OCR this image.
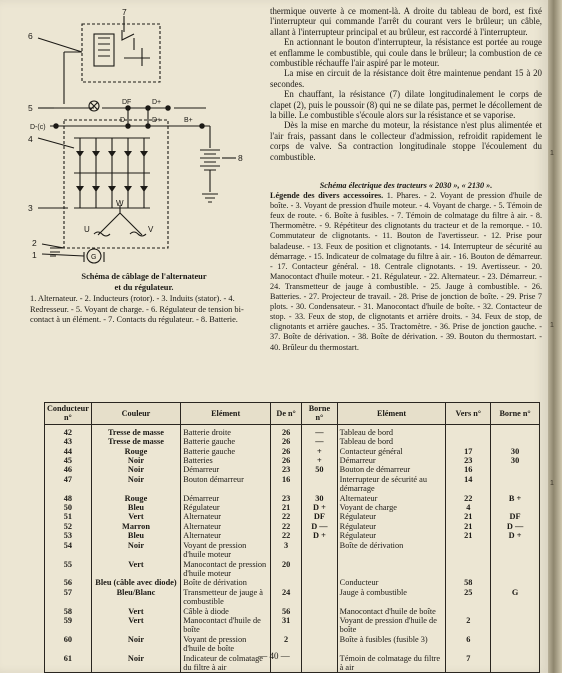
7
6
5
D-(c)
4
3
2
1
8
DF	D+
D-	D+	B+
W
U	V
G
Schéma de câblage de l'alternateur
et du régulateur.
1. Alternateur. - 2. Inducteurs (rotor). - 3. Induits (stator). - 4. Redresseur. - 5. Voyant de charge. - 6. Régulateur de tension bi-contact à un élément. - 7. Contacts du régulateur. - 8. Batterie.

thermique ouverte à ce moment-là. A droite du tableau de bord, est fixé l'interrupteur qui commande l'arrêt du courant vers le brûleur; un câble, allant à l'interrupteur principal et au brûleur, est raccordé à l'interrupteur.

En actionnant le bouton d'interrupteur, la résistance est portée au rouge et enflamme le combustible, qui coule dans le brûleur; la combustion de ce combustible réchauffe l'air aspiré par le moteur.

La mise en circuit de la résistance doit être maintenue pendant 15 à 20 secondes.

En chauffant, la résistance (7) dilate longitudinalement le corps de clapet (2), puis le poussoir (8) qui ne se dilate pas, permet le décollement de la bille. Le combustible s'écoule alors sur la résistance et se vaporise.

Dès la mise en marche du moteur, la résistance n'est plus alimentée et l'air frais, passant dans le collecteur d'admission, refroidit rapidement le corps de valve. Sa contraction longitudinale stoppe l'écoulement du combustible.

Schéma électrique des tracteurs « 2030 », « 2130 ».
Légende des divers accessoires. 1. Phares. - 2. Voyant de pression d'huile de boîte. - 3. Voyant de pression d'huile moteur. - 4. Voyant de charge. - 5. Témoin de feux de route. - 6. Boîte à fusibles. - 7. Témoin de colmatage du filtre à air. - 8. Thermomètre. - 9. Répétiteur des clignotants du tracteur et de la remorque. - 10. Commutateur de clignotants. - 11. Bouton de l'avertisseur. - 12. Prise pour baladeuse. - 13. Feux de position et clignotants. - 14. Interrupteur de sécurité au démarrage. - 15. Indicateur de colmatage du filtre à air. - 16. Bouton de démarreur. - 17. Contacteur général. - 18. Centrale clignotants. - 19. Avertisseur. - 20. Manocontact d'huile moteur. - 21. Régulateur. - 22. Alternateur. - 23. Démarreur. - 24. Transmetteur de jauge à combustible. - 25. Jauge à combustible. - 26. Batteries. - 27. Projecteur de travail. - 28. Prise de jonction de boîte. - 29. Prise 7 plots. - 30. Condensateur. - 31. Manocontact d'huile de boîte. - 32. Contacteur de stop. - 33. Feux de stop, de clignotants et arrière droits. - 34. Feux de stop, de clignotants et arrière gauches. - 35. Tractomètre. - 36. Prise de jonction gauche. - 37. Boîte de dérivation. - 38. Boîte de dérivation. - 39. Bouton du thermostart. - 40. Brûleur du thermostart.
Conducteur n°	Couleur	Elément	De n°	Borne n°	Elément	Vers n°	Borne n°
42	Tresse de masse	Batterie droite	26	—	Tableau de bord		
43	Tresse de masse	Batterie gauche	26	—	Tableau de bord		
44	Rouge	Batterie gauche	26	+	Contacteur général	17	30
45	Noir	Batteries	26	+	Démarreur	23	30
46	Noir	Démarreur	23	50	Bouton de démarreur	16	
47	Noir	Bouton démarreur	16		Interrupteur de sécurité au démarrage	14	
48	Rouge	Démarreur	23	30	Alternateur	22	B +
50	Bleu	Régulateur	21	D +	Voyant de charge	4	
51	Vert	Alternateur	22	DF	Régulateur	21	DF
52	Marron	Alternateur	22	D —	Régulateur	21	D —
53	Bleu	Alternateur	22	D +	Régulateur	21	D +
54	Noir	Voyant de pression d'huile moteur	3		Boîte de dérivation		
55	Vert	Manocontact de pression d'huile moteur	20				
56	Bleu (câble avec diode)	Boîte de dérivation			Conducteur	58	
57	Bleu/Blanc	Transmetteur de jauge à combustible	24		Jauge à combustible	25	G
58	Vert	Câble à diode	56		Manocontact d'huile de boîte		
59	Vert	Manocontact d'huile de boîte	31		Voyant de pression d'huile de boîte	2	
60	Noir	Voyant de pression d'huile de boîte	2		Boîte à fusibles (fusible 3)	6	
61	Noir	Indicateur de colmatage du filtre à air			Témoin de colmatage du filtre à air	7	
— 40 —
1
1
1
